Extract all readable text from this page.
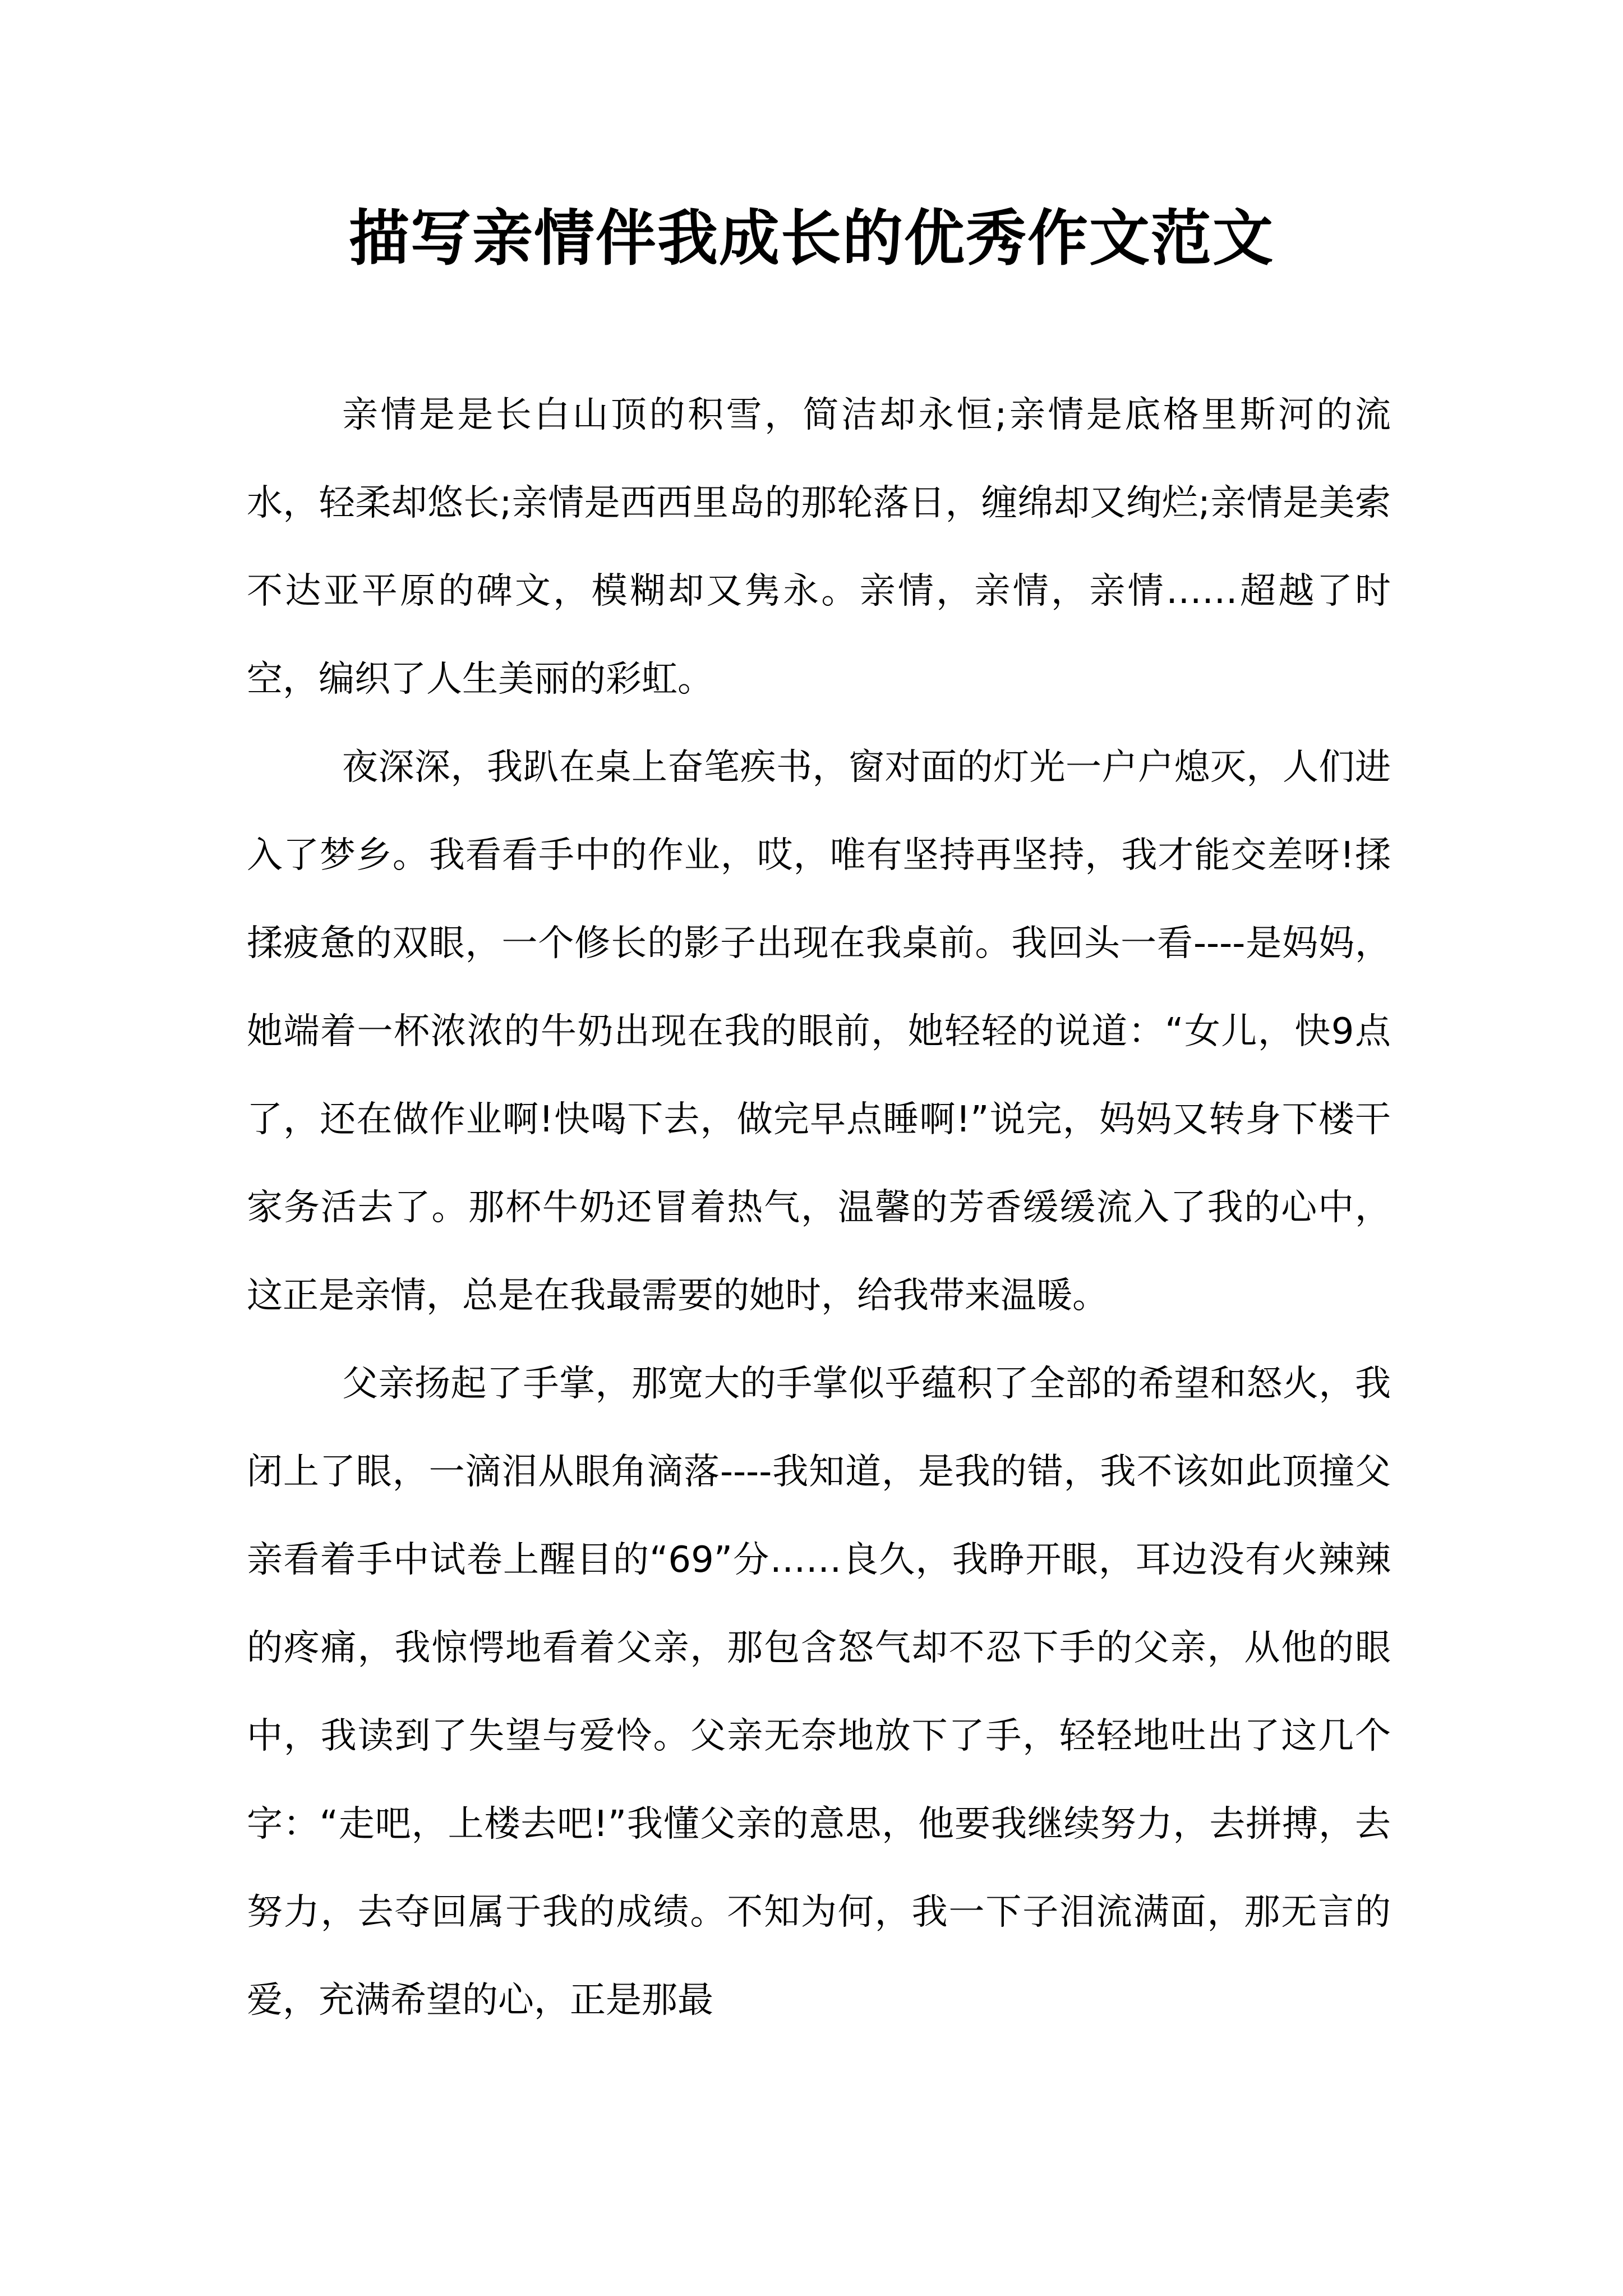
描写亲情伴我成长的优秀作文范文

亲情是是长白山顶的积雪，简洁却永恒;亲情是底格里斯河的流水，轻柔却悠长;亲情是西西里岛的那轮落日，缠绵却又绚烂;亲情是美索不达亚平原的碑文，模糊却又隽永。亲情，亲情，亲情……超越了时空，编织了人生美丽的彩虹。

夜深深，我趴在桌上奋笔疾书，窗对面的灯光一户户熄灭，人们进入了梦乡。我看看手中的作业，哎，唯有坚持再坚持，我才能交差呀!揉揉疲惫的双眼，一个修长的影子出现在我桌前。我回头一看----是妈妈，她端着一杯浓浓的牛奶出现在我的眼前，她轻轻的说道：“女儿，快9点了，还在做作业啊!快喝下去，做完早点睡啊!”说完，妈妈又转身下楼干家务活去了。那杯牛奶还冒着热气，温馨的芳香缓缓流入了我的心中，这正是亲情，总是在我最需要的她时，给我带来温暖。

父亲扬起了手掌，那宽大的手掌似乎蕴积了全部的希望和怒火，我闭上了眼，一滴泪从眼角滴落----我知道，是我的错，我不该如此顶撞父亲看着手中试卷上醒目的“69”分……良久，我睁开眼，耳边没有火辣辣的疼痛，我惊愕地看着父亲，那包含怒气却不忍下手的父亲，从他的眼中，我读到了失望与爱怜。父亲无奈地放下了手，轻轻地吐出了这几个字：“走吧，上楼去吧!”我懂父亲的意思，他要我继续努力，去拼搏，去努力，去夺回属于我的成绩。不知为何，我一下子泪流满面，那无言的爱，充满希望的心，正是那最
